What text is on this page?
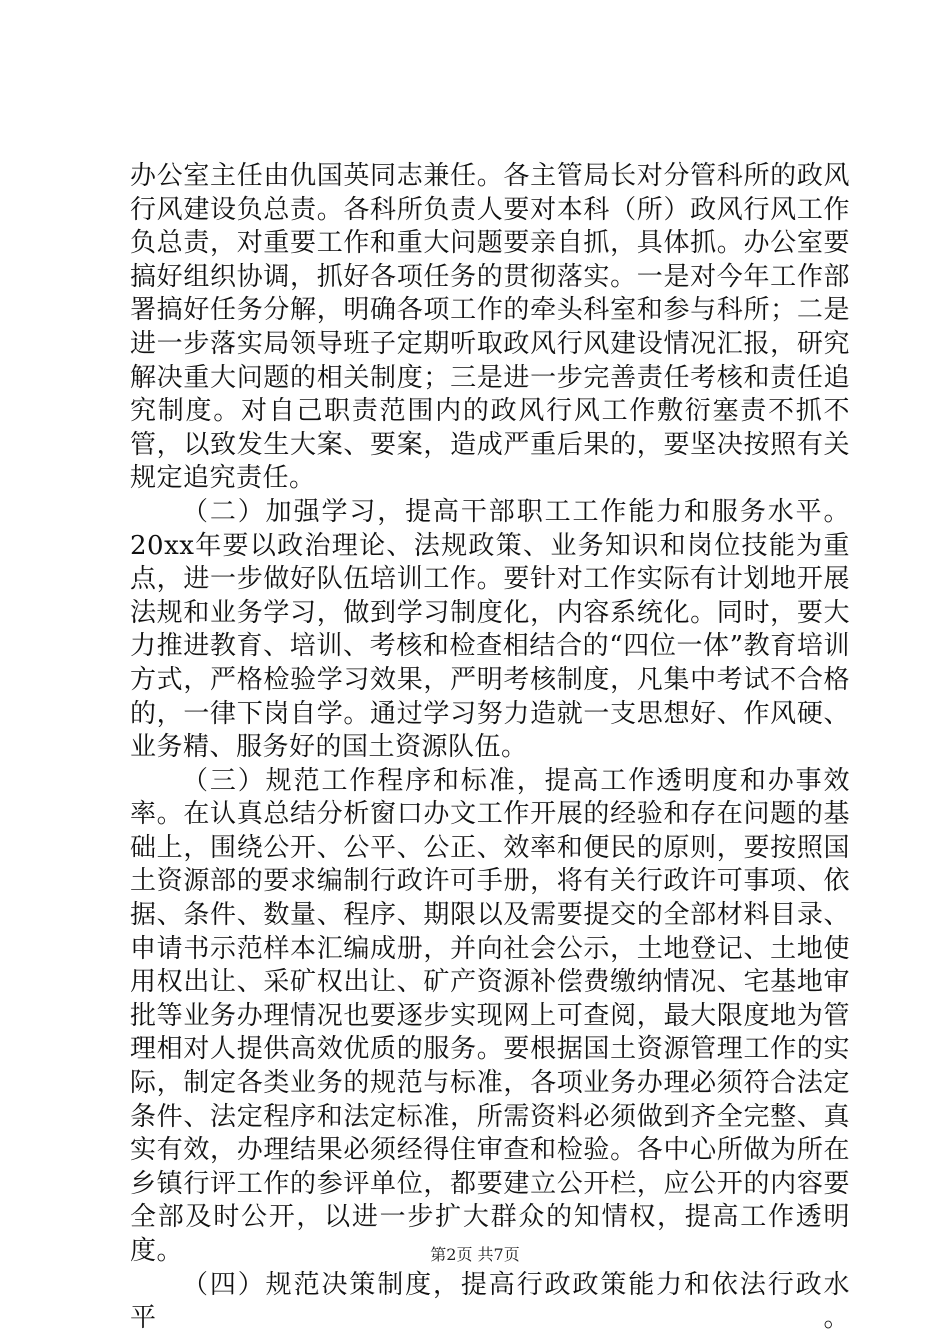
办公室主任由仇国英同志兼任。各主管局长对分管科所的政风行风建设负总责。各科所负责人要对本科（所）政风行风工作负总责，对重要工作和重大问题要亲自抓，具体抓。办公室要搞好组织协调，抓好各项任务的贯彻落实。一是对今年工作部署搞好任务分解，明确各项工作的牵头科室和参与科所；二是进一步落实局领导班子定期听取政风行风建设情况汇报，研究解决重大问题的相关制度；三是进一步完善责任考核和责任追究制度。对自己职责范围内的政风行风工作敷衍塞责不抓不管，以致发生大案、要案，造成严重后果的，要坚决按照有关规定追究责任。

（二）加强学习，提高干部职工工作能力和服务水平。20xx年要以政治理论、法规政策、业务知识和岗位技能为重点，进一步做好队伍培训工作。要针对工作实际有计划地开展法规和业务学习，做到学习制度化，内容系统化。同时，要大力推进教育、培训、考核和检查相结合的“四位一体”教育培训方式，严格检验学习效果，严明考核制度，凡集中考试不合格的，一律下岗自学。通过学习努力造就一支思想好、作风硬、业务精、服务好的国土资源队伍。

（三）规范工作程序和标准，提高工作透明度和办事效率。在认真总结分析窗口办文工作开展的经验和存在问题的基础上，围绕公开、公平、公正、效率和便民的原则，要按照国土资源部的要求编制行政许可手册，将有关行政许可事项、依据、条件、数量、程序、期限以及需要提交的全部材料目录、申请书示范样本汇编成册，并向社会公示，土地登记、土地使用权出让、采矿权出让、矿产资源补偿费缴纳情况、宅基地审批等业务办理情况也要逐步实现网上可查阅，最大限度地为管理相对人提供高效优质的服务。要根据国土资源管理工作的实际，制定各类业务的规范与标准，各项业务办理必须符合法定条件、法定程序和法定标准，所需资料必须做到齐全完整、真实有效，办理结果必须经得住审查和检验。各中心所做为所在乡镇行评工作的参评单位，都要建立公开栏，应公开的内容要全部及时公开，以进一步扩大群众的知情权，提高工作透明度。

（四）规范决策制度，提高行政政策能力和依法行政水平。

第2页 共7页
